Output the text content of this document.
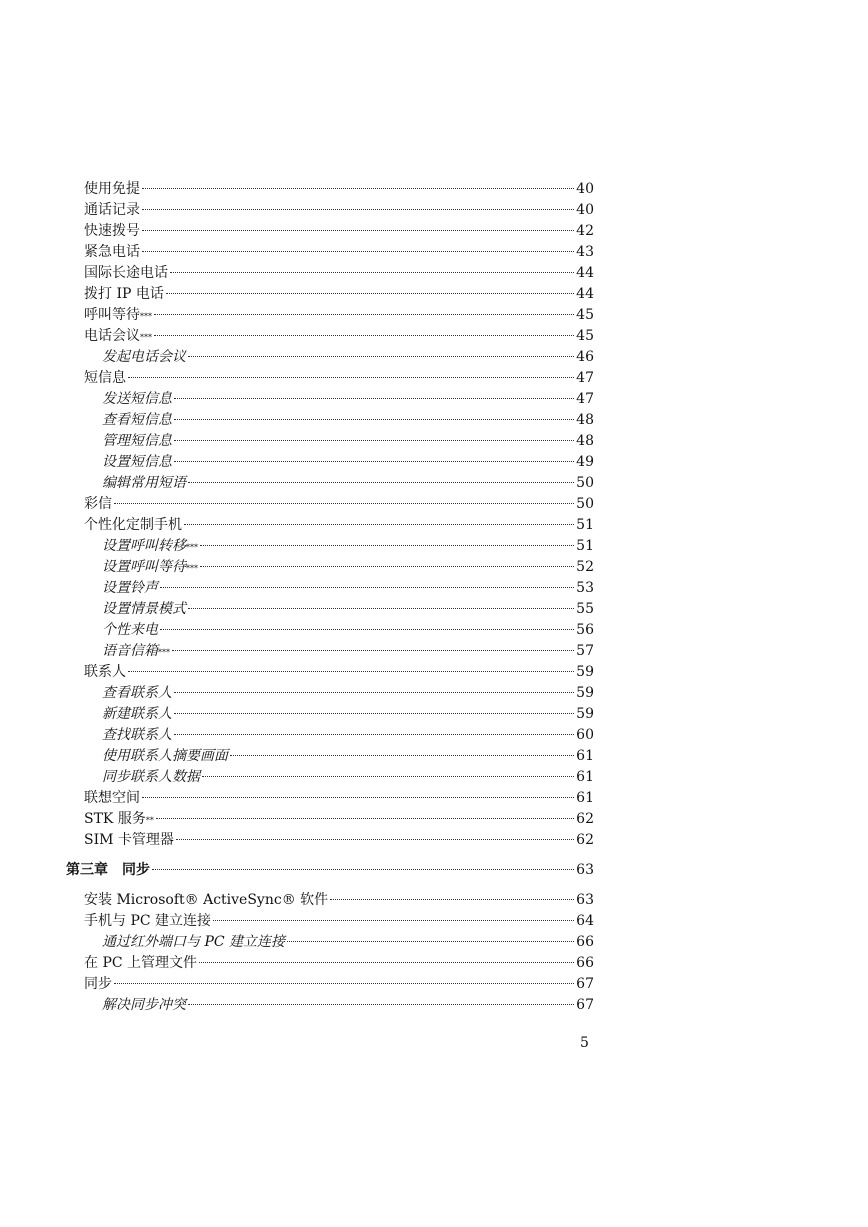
使用免提	40
通话记录	40
快速拨号	42
紧急电话	43
国际长途电话	44
拨打 IP 电话	44
呼叫等待 ***	45
电话会议 ***	45
发起电话会议	46
短信息	47
发送短信息	47
查看短信息	48
管理短信息	48
设置短信息	49
编辑常用短语	50
彩信	50
个性化定制手机	51
设置呼叫转移 ***	51
设置呼叫等待 ***	52
设置铃声	53
设置情景模式	55
个性来电	56
语音信箱 ***	57
联系人	59
查看联系人	59
新建联系人	59
查找联系人	60
使用联系人摘要画面	61
同步联系人数据	61
联想空间	61
STK 服务 **	62
SIM 卡管理器	62
第三章　同步	63
安装 Microsoft® ActiveSync® 软件	63
手机与 PC 建立连接	64
通过红外端口与 PC 建立连接	66
在 PC 上管理文件	66
同步	67
解决同步冲突	67
5
